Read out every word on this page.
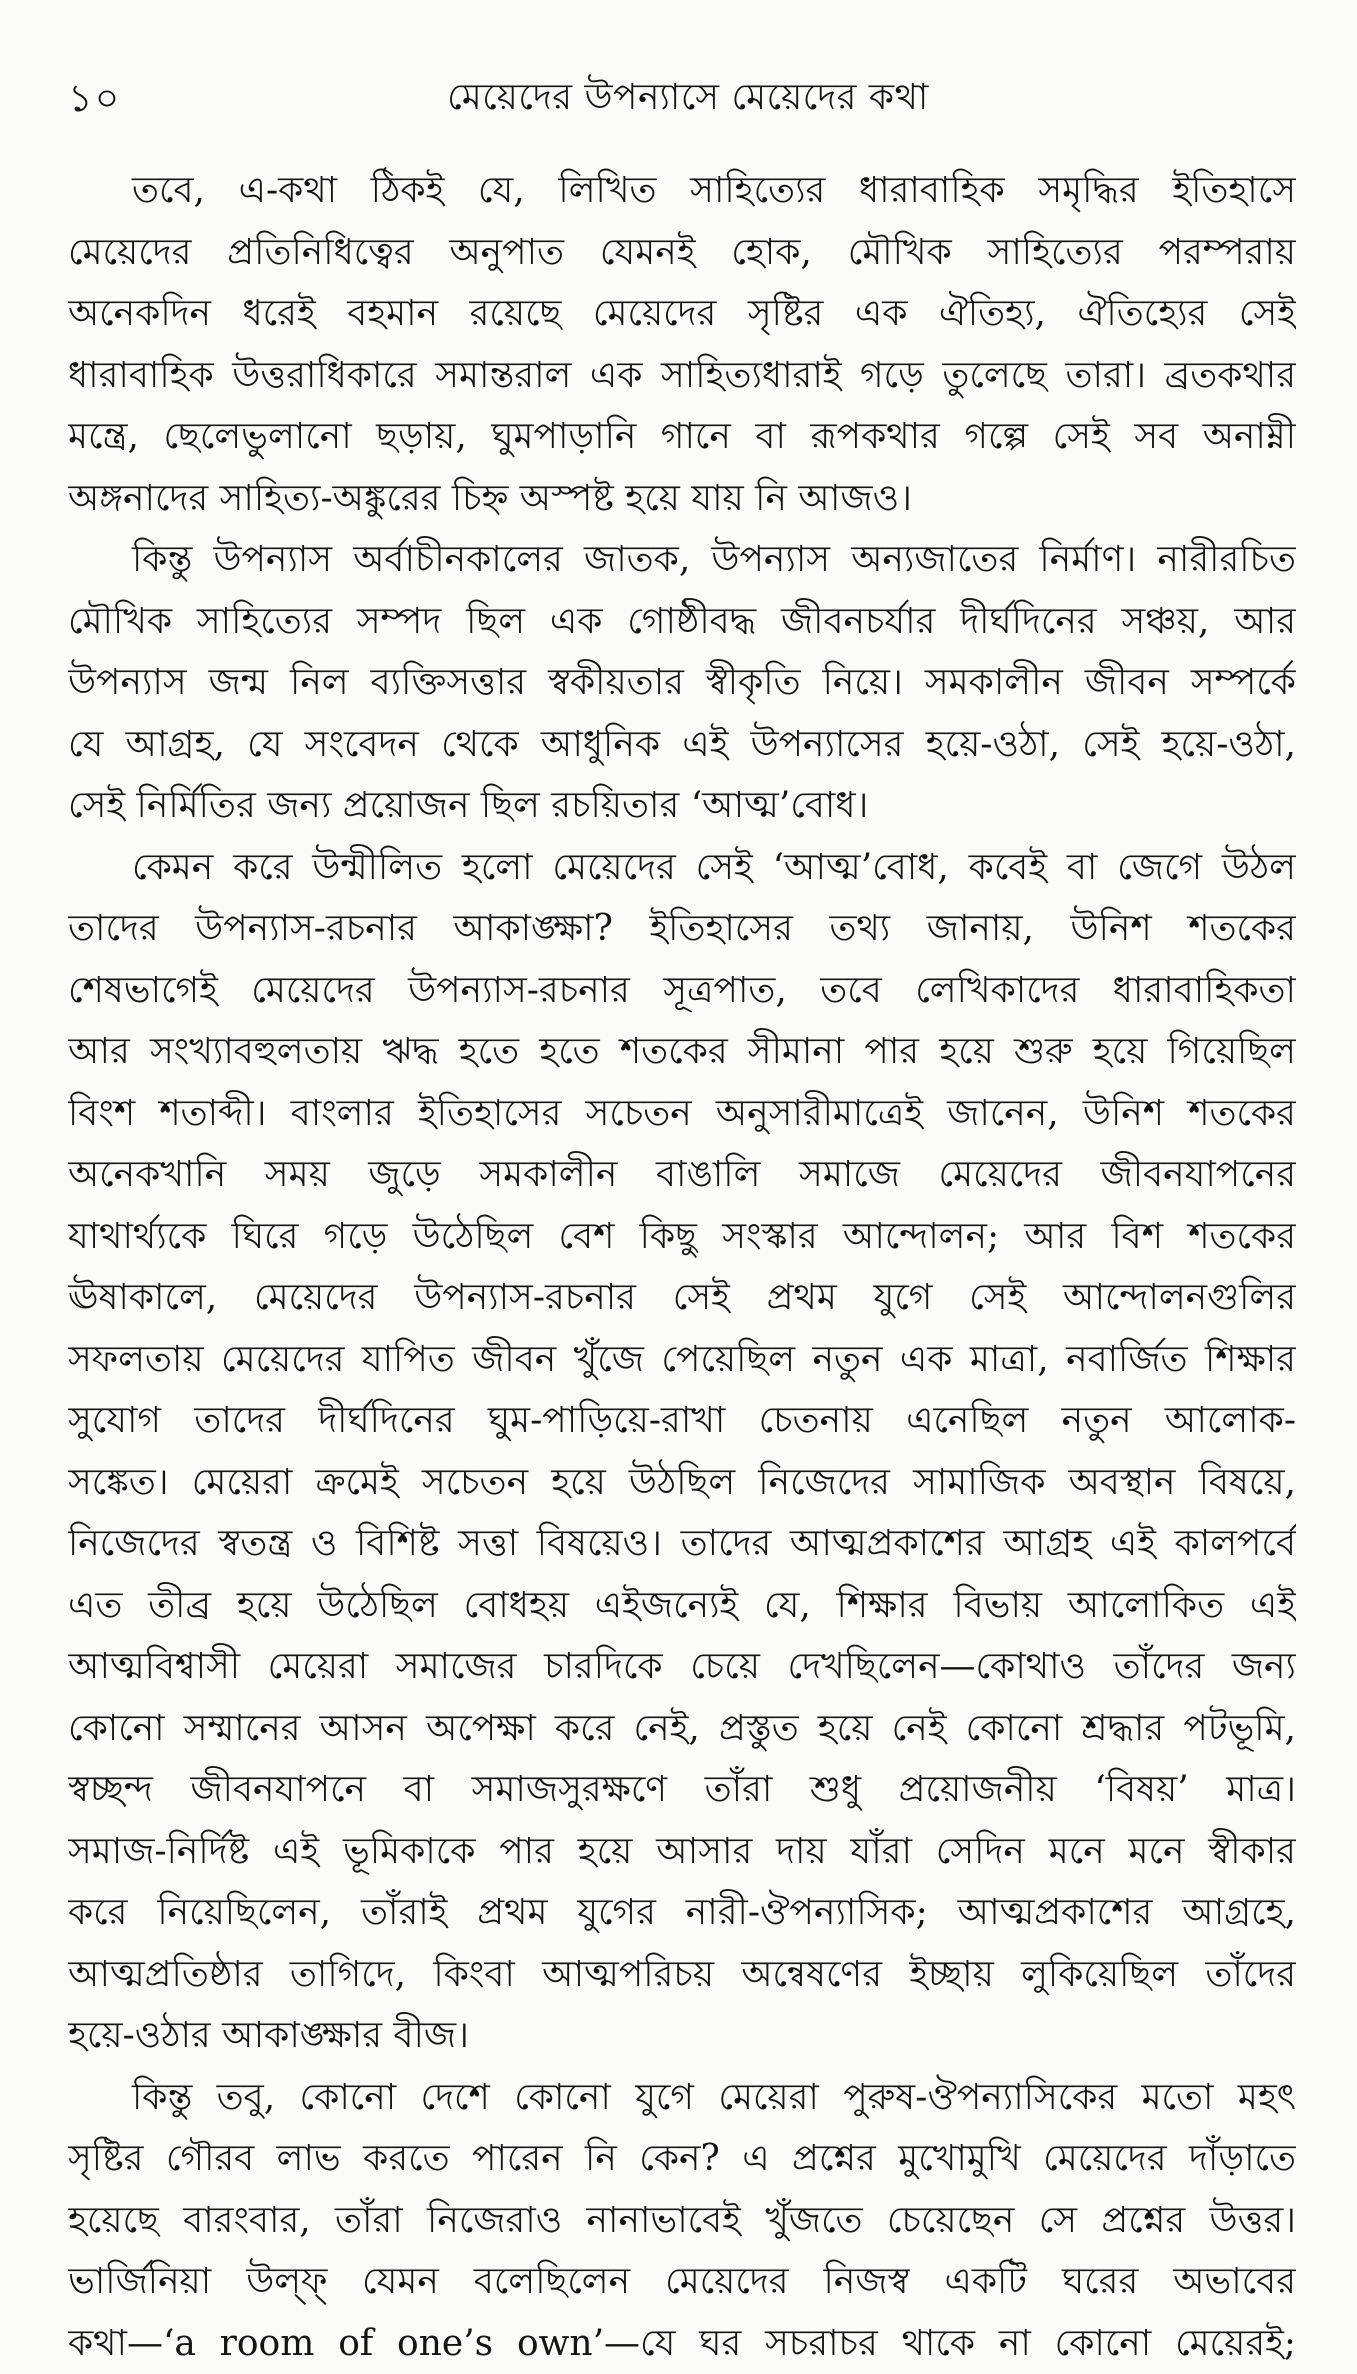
১০	মেয়েদের উপন্যাসে মেয়েদের কথা
তবে, এ-কথা ঠিকই যে, লিখিত সাহিত্যের ধারাবাহিক সমৃদ্ধির ইতিহাসে
মেয়েদের প্রতিনিধিত্বের অনুপাত যেমনই হোক, মৌখিক সাহিত্যের পরম্পরায়
অনেকদিন ধরেই বহমান রয়েছে মেয়েদের সৃষ্টির এক ঐতিহ্য, ঐতিহ্যের সেই
ধারাবাহিক উত্তরাধিকারে সমান্তরাল এক সাহিত্যধারাই গড়ে তুলেছে তারা। ব্রতকথার
মন্ত্রে, ছেলেভুলানো ছড়ায়, ঘুমপাড়ানি গানে বা রূপকথার গল্পে সেই সব অনাম্নী
অঙ্গনাদের সাহিত্য-অঙ্কুরের চিহ্ন অস্পষ্ট হয়ে যায় নি আজও।
কিন্তু উপন্যাস অর্বাচীনকালের জাতক, উপন্যাস অন্যজাতের নির্মাণ। নারীরচিত
মৌখিক সাহিত্যের সম্পদ ছিল এক গোষ্ঠীবদ্ধ জীবনচর্যার দীর্ঘদিনের সঞ্চয়, আর
উপন্যাস জন্ম নিল ব্যক্তিসত্তার স্বকীয়তার স্বীকৃতি নিয়ে। সমকালীন জীবন সম্পর্কে
যে আগ্রহ, যে সংবেদন থেকে আধুনিক এই উপন্যাসের হয়ে-ওঠা, সেই হয়ে-ওঠা,
সেই নির্মিতির জন্য প্রয়োজন ছিল রচয়িতার ‘আত্ম’বোধ।
কেমন করে উন্মীলিত হলো মেয়েদের সেই ‘আত্ম’বোধ, কবেই বা জেগে উঠল
তাদের উপন্যাস-রচনার আকাঙ্ক্ষা? ইতিহাসের তথ্য জানায়, উনিশ শতকের
শেষভাগেই মেয়েদের উপন্যাস-রচনার সূত্রপাত, তবে লেখিকাদের ধারাবাহিকতা
আর সংখ্যাবহুলতায় ঋদ্ধ হতে হতে শতকের সীমানা পার হয়ে শুরু হয়ে গিয়েছিল
বিংশ শতাব্দী। বাংলার ইতিহাসের সচেতন অনুসারীমাত্রেই জানেন, উনিশ শতকের
অনেকখানি সময় জুড়ে সমকালীন বাঙালি সমাজে মেয়েদের জীবনযাপনের
যাথার্থ্যকে ঘিরে গড়ে উঠেছিল বেশ কিছু সংস্কার আন্দোলন; আর বিশ শতকের
ঊষাকালে, মেয়েদের উপন্যাস-রচনার সেই প্রথম যুগে সেই আন্দোলনগুলির
সফলতায় মেয়েদের যাপিত জীবন খুঁজে পেয়েছিল নতুন এক মাত্রা, নবার্জিত শিক্ষার
সুযোগ তাদের দীর্ঘদিনের ঘুম-পাড়িয়ে-রাখা চেতনায় এনেছিল নতুন আলোক-
সঙ্কেত। মেয়েরা ক্রমেই সচেতন হয়ে উঠছিল নিজেদের সামাজিক অবস্থান বিষয়ে,
নিজেদের স্বতন্ত্র ও বিশিষ্ট সত্তা বিষয়েও। তাদের আত্মপ্রকাশের আগ্রহ এই কালপর্বে
এত তীব্র হয়ে উঠেছিল বোধহয় এইজন্যেই যে, শিক্ষার বিভায় আলোকিত এই
আত্মবিশ্বাসী মেয়েরা সমাজের চারদিকে চেয়ে দেখছিলেন—কোথাও তাঁদের জন্য
কোনো সম্মানের আসন অপেক্ষা করে নেই, প্রস্তুত হয়ে নেই কোনো শ্রদ্ধার পটভূমি,
স্বচ্ছন্দ জীবনযাপনে বা সমাজসুরক্ষণে তাঁরা শুধু প্রয়োজনীয় ‘বিষয়’ মাত্র।
সমাজ-নির্দিষ্ট এই ভূমিকাকে পার হয়ে আসার দায় যাঁরা সেদিন মনে মনে স্বীকার
করে নিয়েছিলেন, তাঁরাই প্রথম যুগের নারী-ঔপন্যাসিক; আত্মপ্রকাশের আগ্রহে,
আত্মপ্রতিষ্ঠার তাগিদে, কিংবা আত্মপরিচয় অন্বেষণের ইচ্ছায় লুকিয়েছিল তাঁদের
হয়ে-ওঠার আকাঙ্ক্ষার বীজ।
কিন্তু তবু, কোনো দেশে কোনো যুগে মেয়েরা পুরুষ-ঔপন্যাসিকের মতো মহৎ
সৃষ্টির গৌরব লাভ করতে পারেন নি কেন? এ প্রশ্নের মুখোমুখি মেয়েদের দাঁড়াতে
হয়েছে বারংবার, তাঁরা নিজেরাও নানাভাবেই খুঁজতে চেয়েছেন সে প্রশ্নের উত্তর।
ভার্জিনিয়া উল্‌ফ্ যেমন বলেছিলেন মেয়েদের নিজস্ব একটি ঘরের অভাবের
কথা—‘a room of one’s own’—যে ঘর সচরাচর থাকে না কোনো মেয়েরই;
